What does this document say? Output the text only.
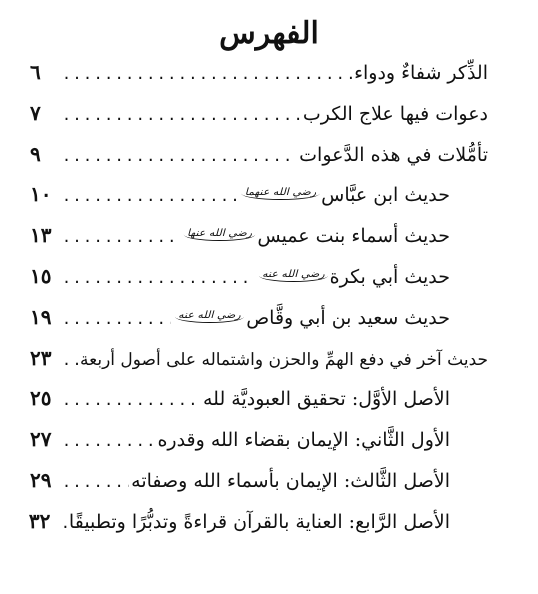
الفهرس
الذِّكر شفاءٌ ودواء
.....
٦
دعوات فيها علاج الكرب
.....
٧
تأمُّلات في هذه الدَّعوات
.....
٩
حديث ابن عبَّاسرضي الله عنهما
.....
١٠
حديث أسماء بنت عميسرضي الله عنها
.....
١٣
حديث أبي بكرةرضي الله عنه
.....
١٥
حديث سعيد بن أبي وقَّاصرضي الله عنه
.....
١٩
حديث آخر في دفع الهمِّ والحزن واشتماله على أصول أربعة
.....
٢٣
الأصل الأوَّل: تحقيق العبوديَّة لله
.....
٢٥
الأول الثَّاني: الإيمان بقضاء الله وقدره
.....
٢٧
الأصل الثَّالث: الإيمان بأسماء الله وصفاته
.....
٢٩
الأصل الرَّابع: العناية بالقرآن قراءةً وتدبُّرًا وتطبيقًا
.....
٣٢
